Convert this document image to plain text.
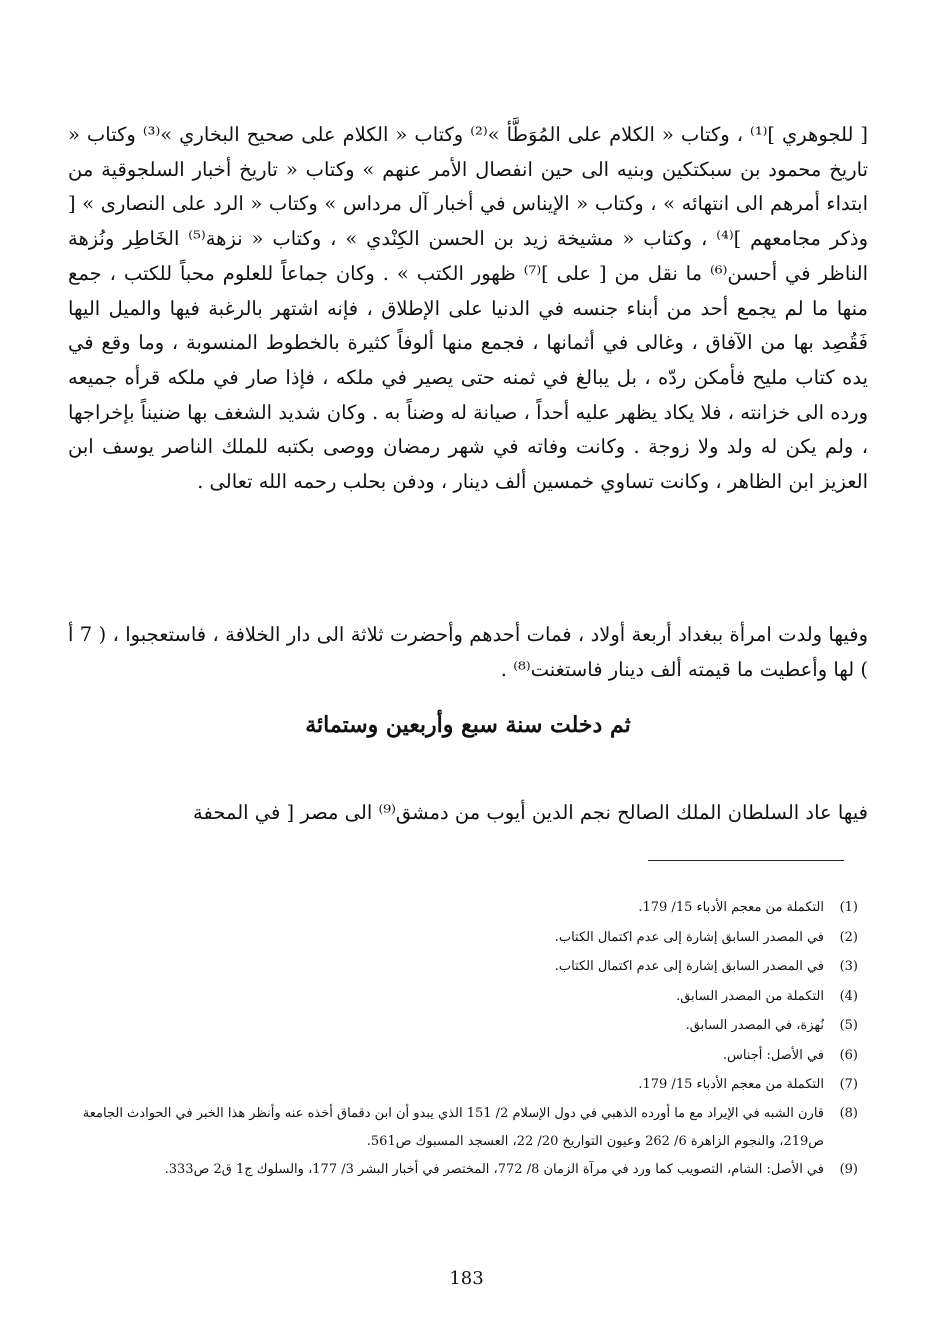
[ للجوهري ]⁽¹⁾ ، وكتاب « الكلام على المُوَطَّأ »⁽²⁾ وكتاب « الكلام على صحيح البخاري »⁽³⁾ وكتاب « تاريخ محمود بن سبكتكين وبنيه الى حين انفصال الأمر عنهم » وكتاب « تاريخ أخبار السلجوقية من ابتداء أمرهم الى انتهائه » ، وكتاب « الإيناس في أخبار آل مرداس » وكتاب « الرد على النصارى » [ وذكر مجامعهم ]⁽⁴⁾ ، وكتاب « مشيخة زيد بن الحسن الكِنْدي » ، وكتاب « نزهة⁽⁵⁾ الخَاطِر ونُزهة الناظر في أحسن⁽⁶⁾ ما نقل من [ على ]⁽⁷⁾ ظهور الكتب » . وكان جماعاً للعلوم محباً للكتب ، جمع منها ما لم يجمع أحد من أبناء جنسه في الدنيا على الإطلاق ، فإنه اشتهر بالرغبة فيها والميل اليها فَقُصِد بها من الآفاق ، وغالى في أثمانها ، فجمع منها ألوفاً كثيرة بالخطوط المنسوبة ، وما وقع في يده كتاب مليح فأمكن ردّه ، بل يبالغ في ثمنه حتى يصير في ملكه ، فإذا صار في ملكه قرأه جميعه ورده الى خزانته ، فلا يكاد يظهر عليه أحداً ، صيانة له وضناً به . وكان شديد الشغف بها ضنيناً بإخراجها ، ولم يكن له ولد ولا زوجة . وكانت وفاته في شهر رمضان ووصى بكتبه للملك الناصر يوسف ابن العزيز ابن الظاهر ، وكانت تساوي خمسين ألف دينار ، ودفن بحلب رحمه الله تعالى .

وفيها ولدت امرأة ببغداد أربعة أولاد ، فمات أحدهم وأحضرت ثلاثة الى دار الخلافة ، فاستعجبوا ، ( 7 أ ) لها وأعطيت ما قيمته ألف دينار فاستغنت⁽⁸⁾ .

ثم دخلت سنة سبع وأربعين وستمائة

فيها عاد السلطان الملك الصالح نجم الدين أيوب من دمشق⁽⁹⁾ الى مصر [ في المحفة

(1)
التكملة من معجم الأدباء 15/ 179.
(2)
في المصدر السابق إشارة إلى عدم اكتمال الكتاب.
(3)
في المصدر السابق إشارة إلى عدم اكتمال الكتاب.
(4)
التكملة من المصدر السابق.
(5)
نُهزة، في المصدر السابق.
(6)
في الأصل: أجناس.
(7)
التكملة من معجم الأدباء 15/ 179.
(8)
قارن الشبه في الإيراد مع ما أورده الذهبي في دول الإسلام 2/ 151 الذي يبدو أن ابن دقماق أخذه عنه وأنظر هذا الخبر في الحوادث الجامعة ص219، والنجوم الزاهرة 6/ 262 وعيون التواريخ 20/ 22، العسجد المسبوك ص561.
(9)
في الأصل: الشام، التصويب كما ورد في مرآة الزمان 8/ 772، المختصر في أخبار البشر 3/ 177، والسلوك ج1 ق2 ص333.
183
